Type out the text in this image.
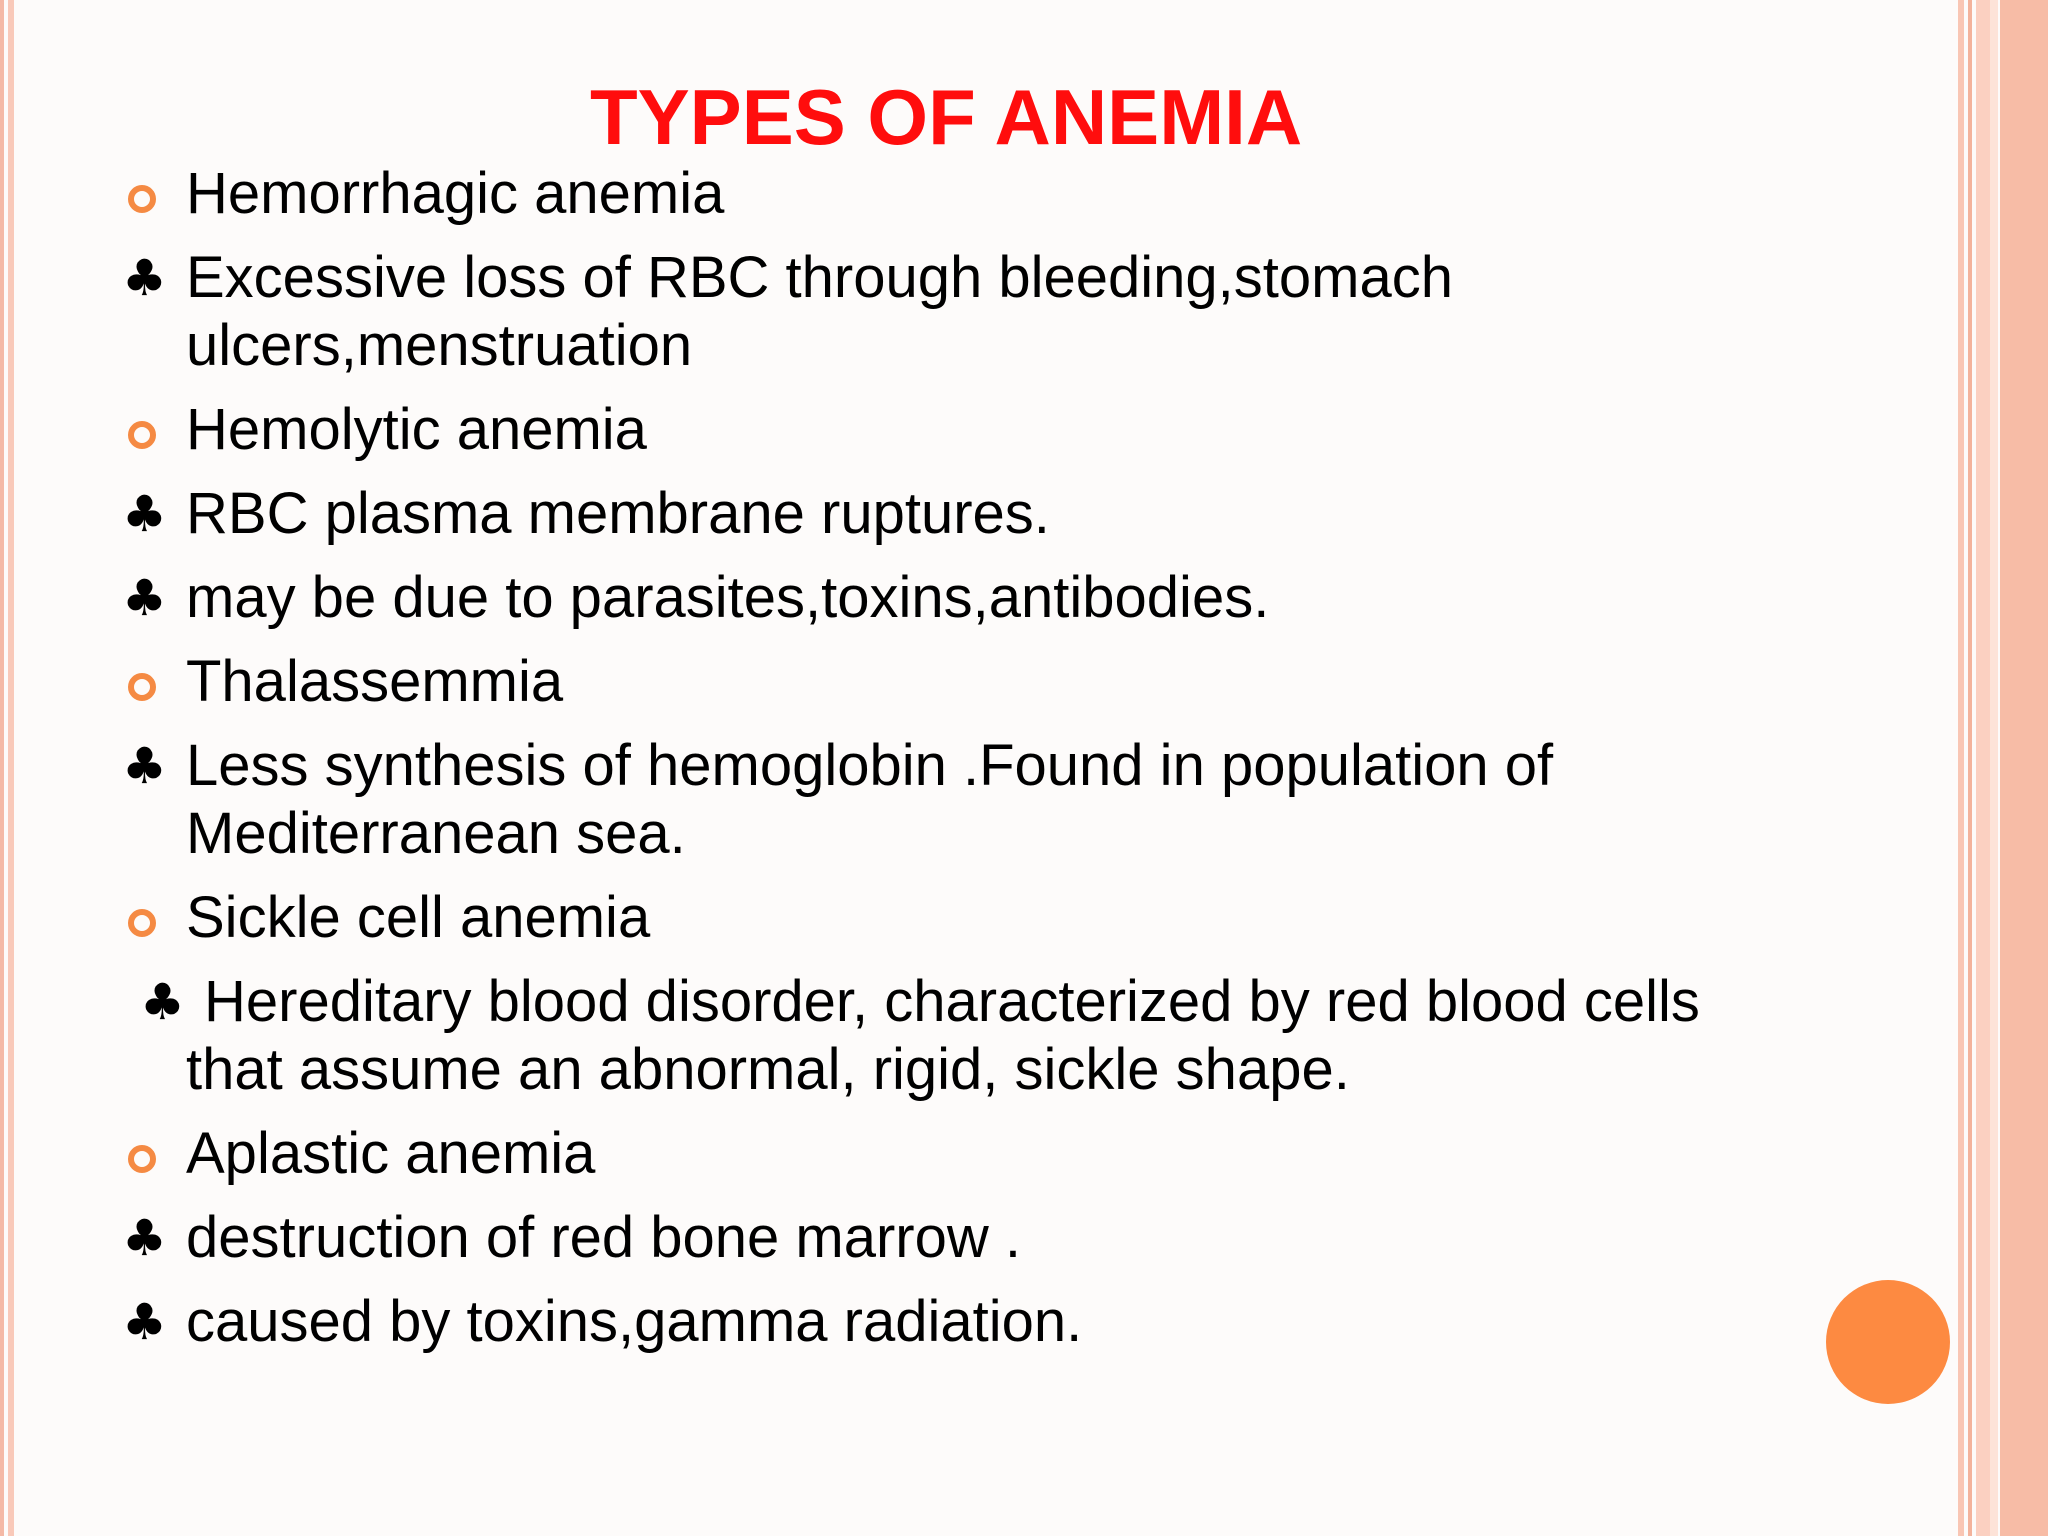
TYPES OF ANEMIA
Hemorrhagic anemia
♣ Excessive loss of RBC through bleeding,stomach ulcers,menstruation
Hemolytic anemia
♣ RBC plasma membrane ruptures.
♣ may be due to parasites,toxins,antibodies.
Thalassemmia
♣ Less synthesis of hemoglobin .Found in population of Mediterranean sea.
Sickle cell anemia
♣ Hereditary blood disorder, characterized by red blood cells that assume an abnormal, rigid, sickle shape.
Aplastic anemia
♣ destruction of red bone marrow .
♣ caused by toxins,gamma radiation.
